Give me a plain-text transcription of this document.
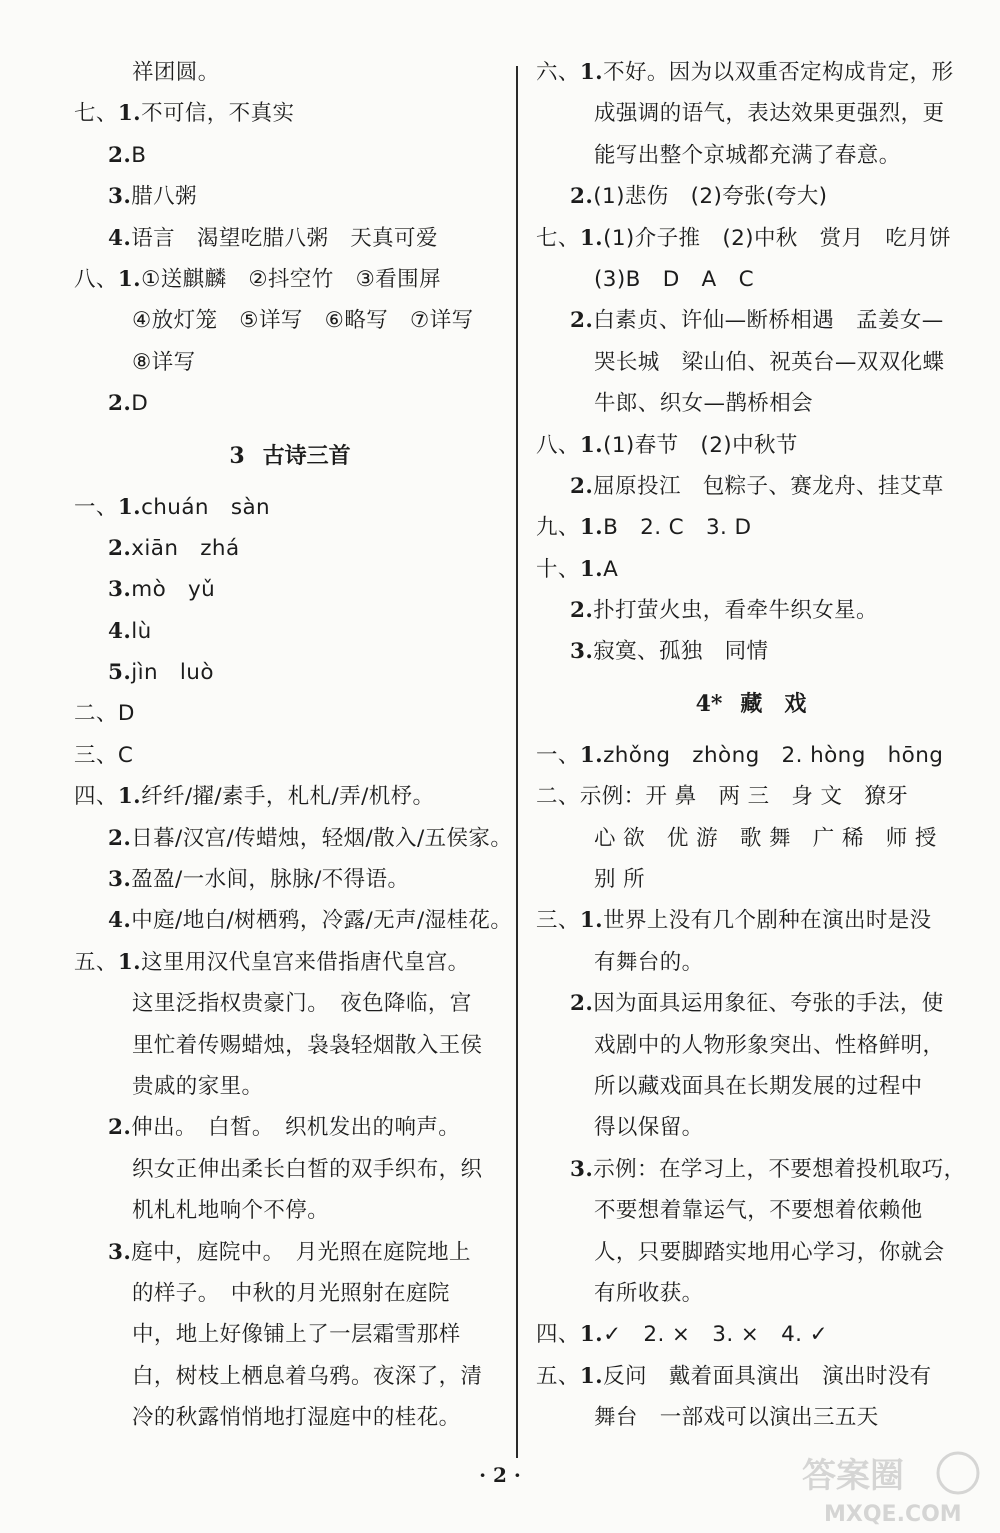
祥团圆。
七、1.不可信，不真实
2.B
3.腊八粥
4.语言　渴望吃腊八粥　天真可爱
八、1.①送麒麟　②抖空竹　③看围屏
④放灯笼　⑤详写　⑥略写　⑦详写
⑧详写
2.D
3 古诗三首
一、1.chuán　sàn
2.xiān　zhá
3.mò　yǔ
4.lù
5.jìn　luò
二、D
三、C
四、1.纤纤/擢/素手，札札/弄/机杼。
2.日暮/汉宫/传蜡烛，轻烟/散入/五侯家。
3.盈盈/一水间，脉脉/不得语。
4.中庭/地白/树栖鸦，冷露/无声/湿桂花。
五、1.这里用汉代皇宫来借指唐代皇宫。
这里泛指权贵豪门。　夜色降临，宫
里忙着传赐蜡烛，袅袅轻烟散入王侯
贵戚的家里。
2.伸出。　白皙。　织机发出的响声。
织女正伸出柔长白皙的双手织布，织
机札札地响个不停。
3.庭中，庭院中。　月光照在庭院地上
的样子。　中秋的月光照射在庭院
中，地上好像铺上了一层霜雪那样
白，树枝上栖息着乌鸦。夜深了，清
冷的秋露悄悄地打湿庭中的桂花。
六、1.不好。因为以双重否定构成肯定，形
成强调的语气，表达效果更强烈，更
能写出整个京城都充满了春意。
2.(1)悲伤　(2)夸张(夸大)
七、1.(1)介子推　(2)中秋　赏月　吃月饼
(3)B　D　A　C
2.白素贞、许仙—断桥相遇　孟姜女—
哭长城　梁山伯、祝英台—双双化蝶
牛郎、织女—鹊桥相会
八、1.(1)春节　(2)中秋节
2.屈原投江　包粽子、赛龙舟、挂艾草
九、1.B　2. C　3. D
十、1.A
2.扑打萤火虫，看牵牛织女星。
3.寂寞、孤独　同情
4* 藏　戏
一、1.zhǒng　zhòng　2. hòng　hōng
二、示例：开 鼻　两 三　身 文　獠牙
心 欲　优 游　歌 舞　广 稀　师 授
别 所
三、1.世界上没有几个剧种在演出时是没
有舞台的。
2.因为面具运用象征、夸张的手法，使
戏剧中的人物形象突出、性格鲜明，
所以藏戏面具在长期发展的过程中
得以保留。
3.示例：在学习上，不要想着投机取巧，
不要想着靠运气，不要想着依赖他
人，只要脚踏实地用心学习，你就会
有所收获。
四、1.✓　2. ×　3. ×　4. ✓
五、1.反问　戴着面具演出　演出时没有
舞台　一部戏可以演出三五天
· 2 ·	答案圈
MXQE.COM
